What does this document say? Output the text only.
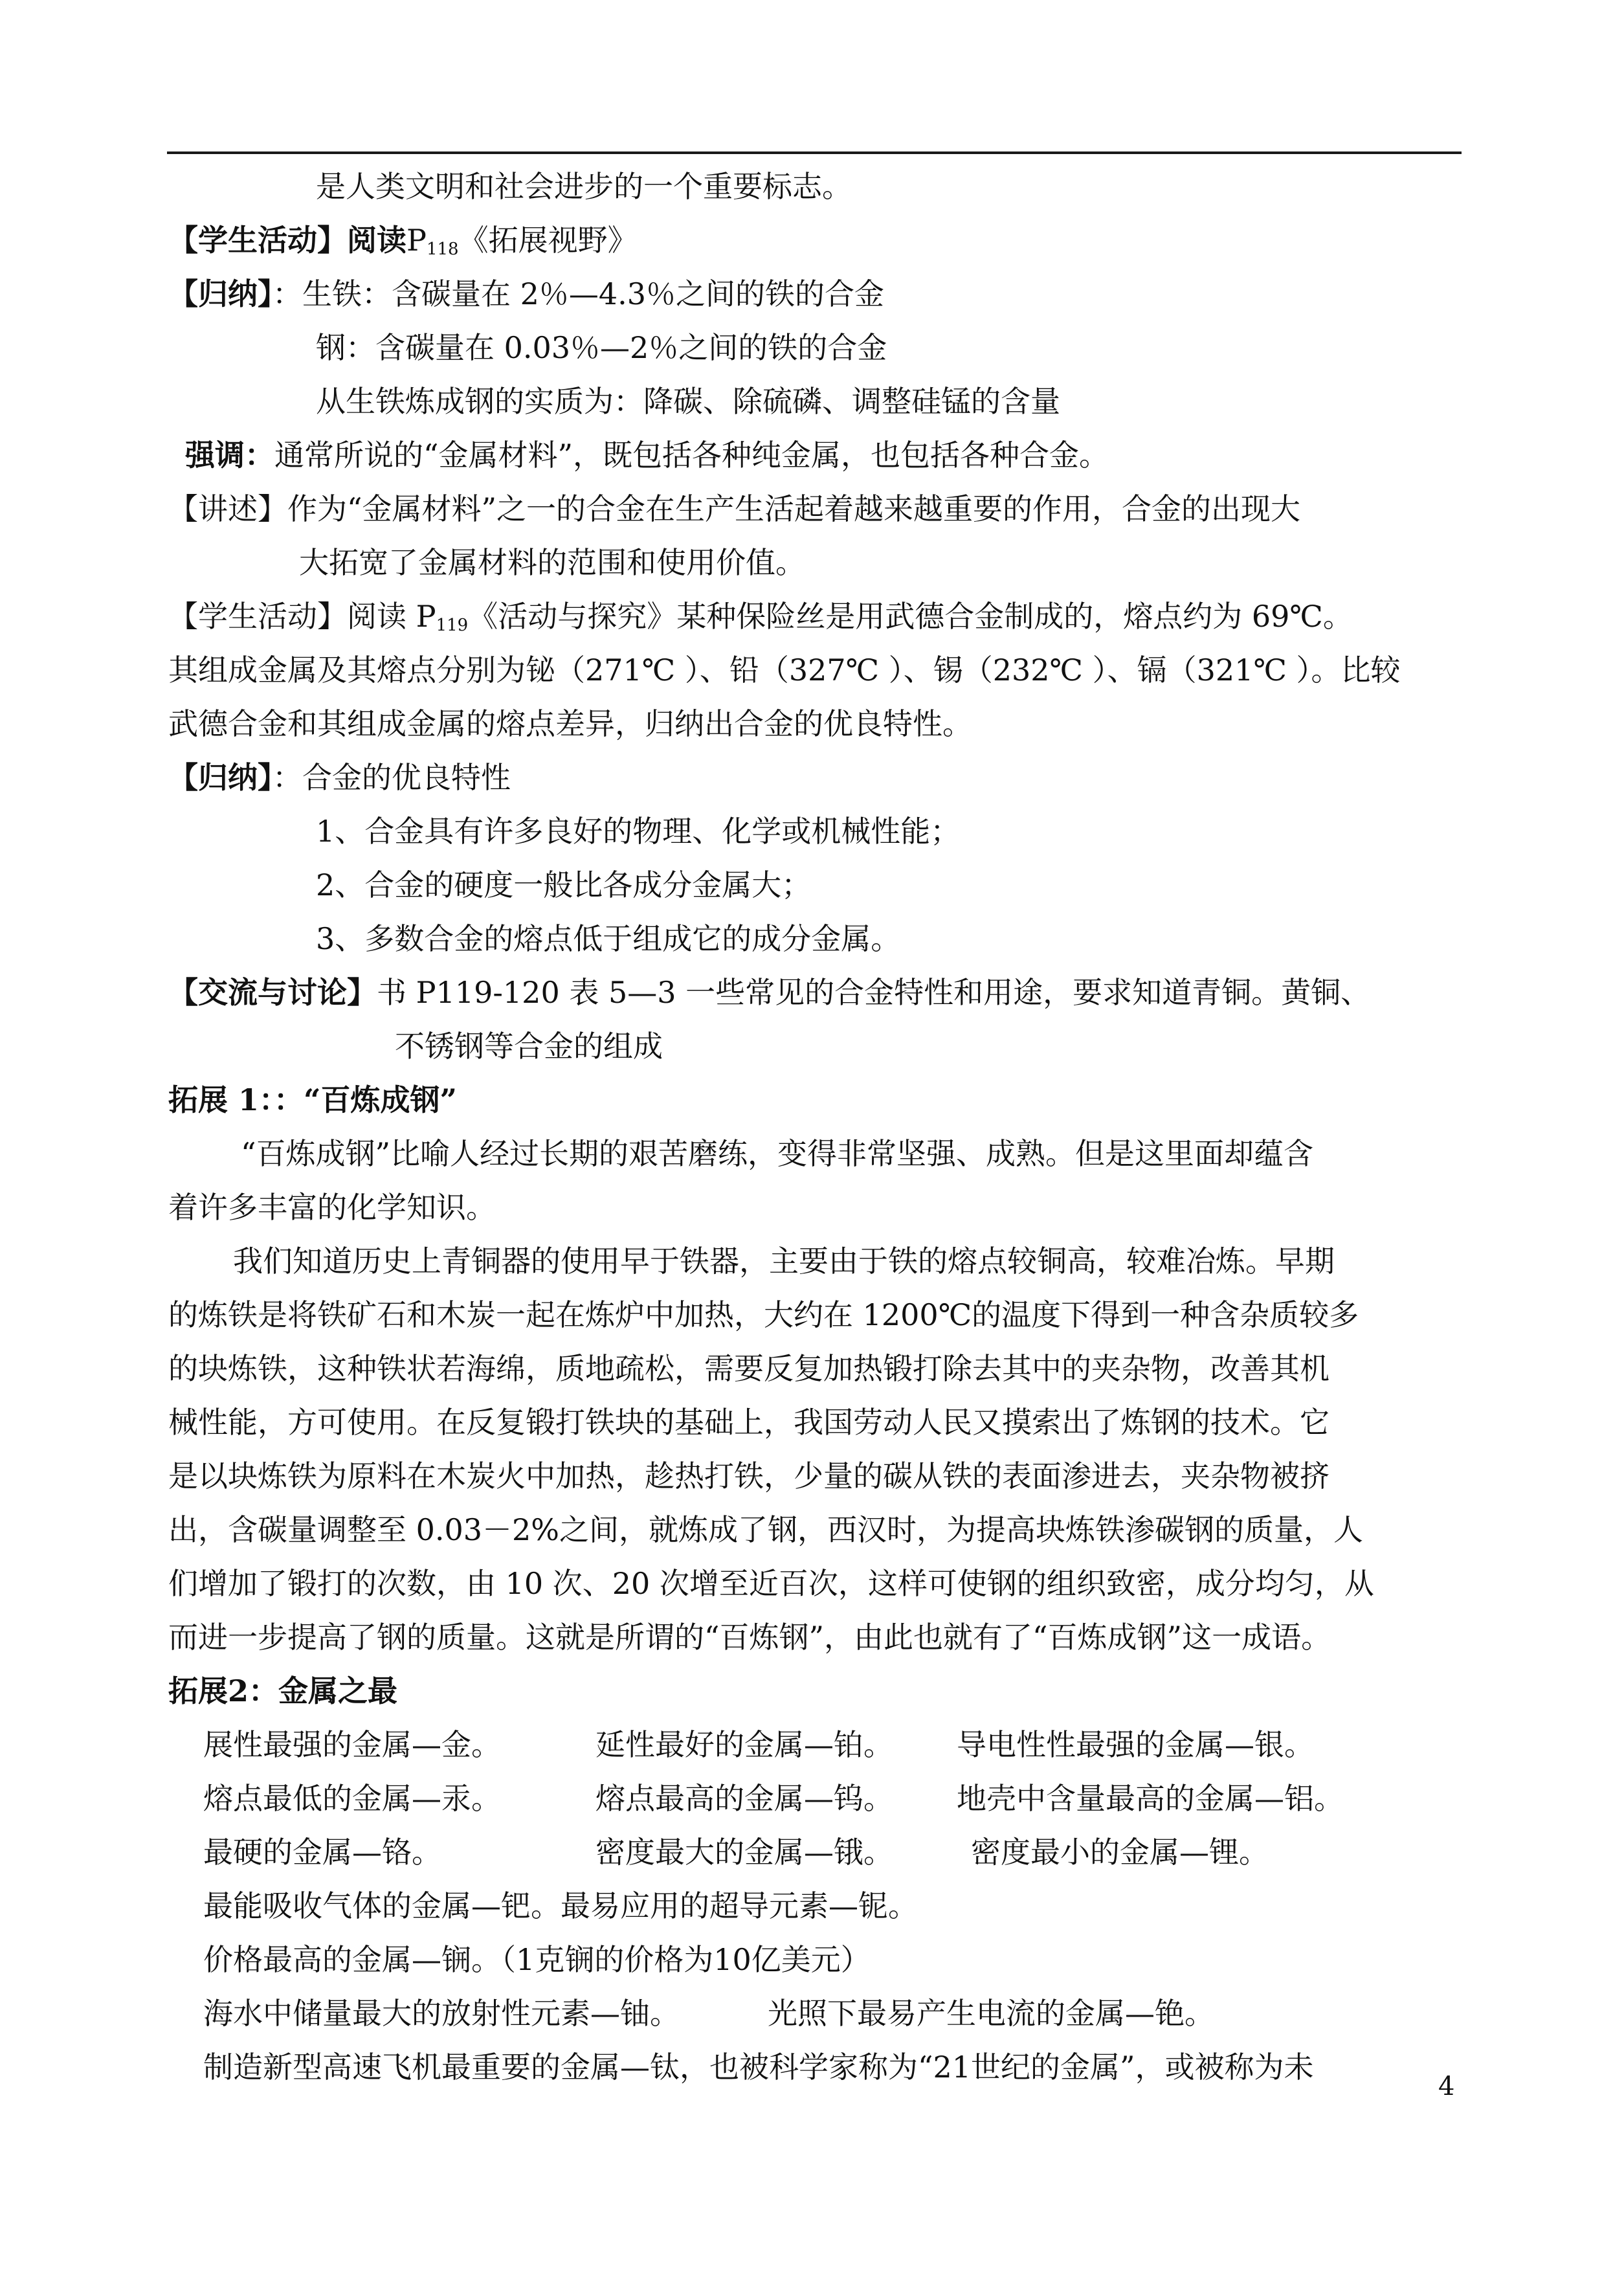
是人类文明和社会进步的一个重要标志。
【学生活动】阅读$P_{118}$《拓展视野》
【归纳】：生铁：含碳量在 2％—4.3％之间的铁的合金
钢：含碳量在 0.03％—2％之间的铁的合金
从生铁炼成钢的实质为：降碳、除硫磷、调整硅锰的含量
强调：通常所说的“金属材料”，既包括各种纯金属，也包括各种合金。
【讲述】作为“金属材料”之一的合金在生产生活起着越来越重要的作用，合金的出现大
大拓宽了金属材料的范围和使用价值。
【学生活动】阅读 $P_{119}$《活动与探究》某种保险丝是用武德合金制成的，熔点约为 69℃。
其组成金属及其熔点分别为铋（271℃ ）、铅（327℃ ）、锡（232℃ ）、镉（321℃ ）。比较
武德合金和其组成金属的熔点差异，归纳出合金的优良特性。
【归纳】：合金的优良特性
1、合金具有许多良好的物理、化学或机械性能；
2、合金的硬度一般比各成分金属大；
3、多数合金的熔点低于组成它的成分金属。
【交流与讨论】书 P119-120 表 5—3 一些常见的合金特性和用途，要求知道青铜。黄铜、
不锈钢等合金的组成
拓展 1：：“百炼成钢”
“百炼成钢”比喻人经过长期的艰苦磨练，变得非常坚强、成熟。但是这里面却蕴含
着许多丰富的化学知识。
我们知道历史上青铜器的使用早于铁器，主要由于铁的熔点较铜高，较难冶炼。早期
的炼铁是将铁矿石和木炭一起在炼炉中加热，大约在 1200℃的温度下得到一种含杂质较多
的块炼铁，这种铁状若海绵，质地疏松，需要反复加热锻打除去其中的夹杂物，改善其机
械性能，方可使用。在反复锻打铁块的基础上，我国劳动人民又摸索出了炼钢的技术。它
是以块炼铁为原料在木炭火中加热，趁热打铁，少量的碳从铁的表面渗进去，夹杂物被挤
出，含碳量调整至 0.03－2%之间，就炼成了钢，西汉时，为提高块炼铁渗碳钢的质量，人
们增加了锻打的次数，由 10 次、20 次增至近百次，这样可使钢的组织致密，成分均匀，从
而进一步提高了钢的质量。这就是所谓的“百炼钢”，由此也就有了“百炼成钢”这一成语。
拓展2：金属之最
展性最强的金属—金。	延性最好的金属—铂。 导电性性最强的金属—银。
熔点最低的金属—汞。	熔点最高的金属—钨。 地壳中含量最高的金属—铝。
最硬的金属—铬。	密度最大的金属—锇。	密度最小的金属—锂。
最能吸收气体的金属—钯。最易应用的超导元素—铌。
价格最高的金属—锎。（1克锎的价格为10亿美元）
海水中储量最大的放射性元素—铀。	光照下最易产生电流的金属—铯。
制造新型高速飞机最重要的金属—钛，也被科学家称为“21世纪的金属”，或被称为未
4
